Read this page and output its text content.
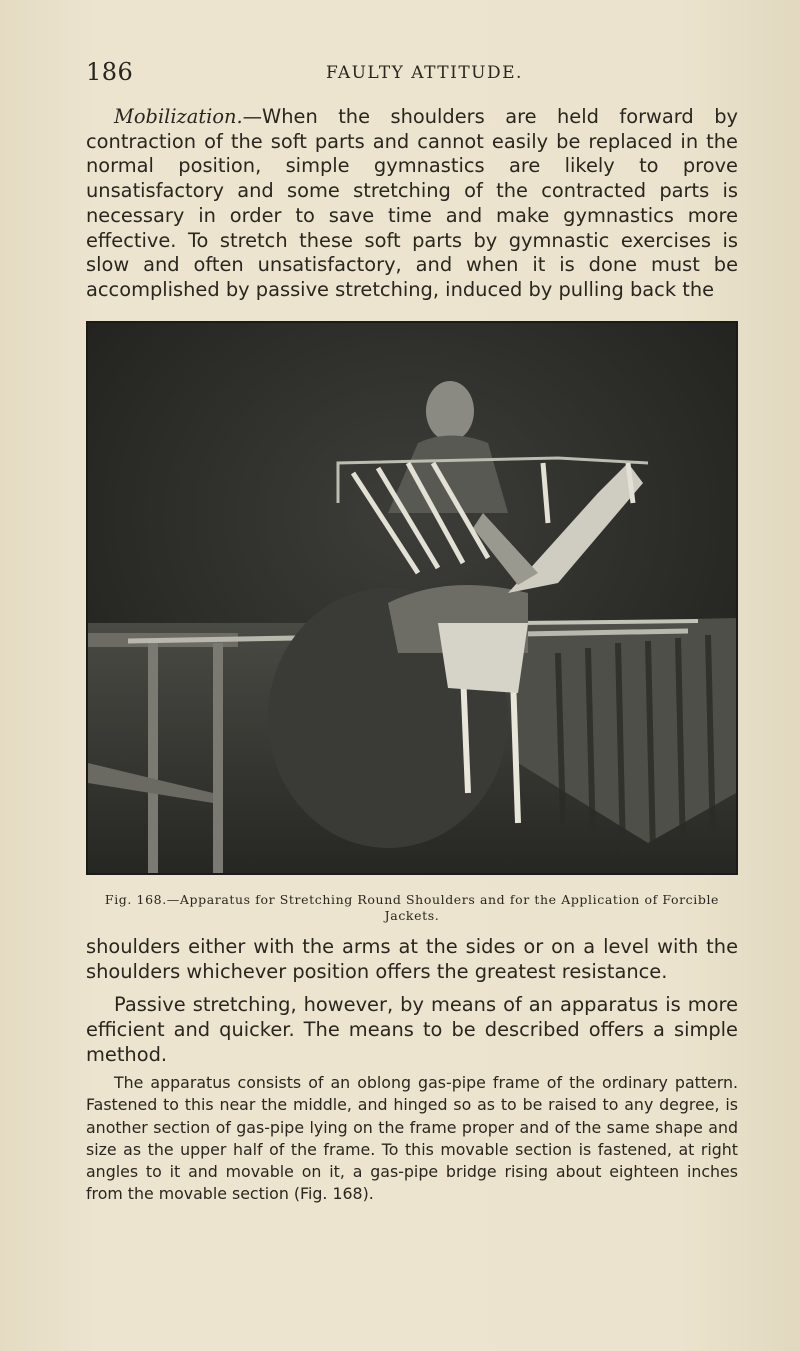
186	FAULTY ATTITUDE.

Mobilization.—When the shoulders are held forward by contraction of the soft parts and cannot easily be replaced in the normal position, simple gymnastics are likely to prove unsatisfactory and some stretching of the contracted parts is necessary in order to save time and make gymnastics more effective. To stretch these soft parts by gymnastic exercises is slow and often unsatisfactory, and when it is done must be accomplished by passive stretching, induced by pulling back the

Fig. 168.—Apparatus for Stretching Round Shoulders and for the Application of Forcible Jackets.

shoulders either with the arms at the sides or on a level with the shoulders whichever position offers the greatest resistance.

Passive stretching, however, by means of an apparatus is more efficient and quicker. The means to be described offers a simple method.

The apparatus consists of an oblong gas-pipe frame of the ordinary pattern. Fastened to this near the middle, and hinged so as to be raised to any degree, is another section of gas-pipe lying on the frame proper and of the same shape and size as the upper half of the frame. To this movable section is fastened, at right angles to it and movable on it, a gas-pipe bridge rising about eighteen inches from the movable section (Fig. 168).
